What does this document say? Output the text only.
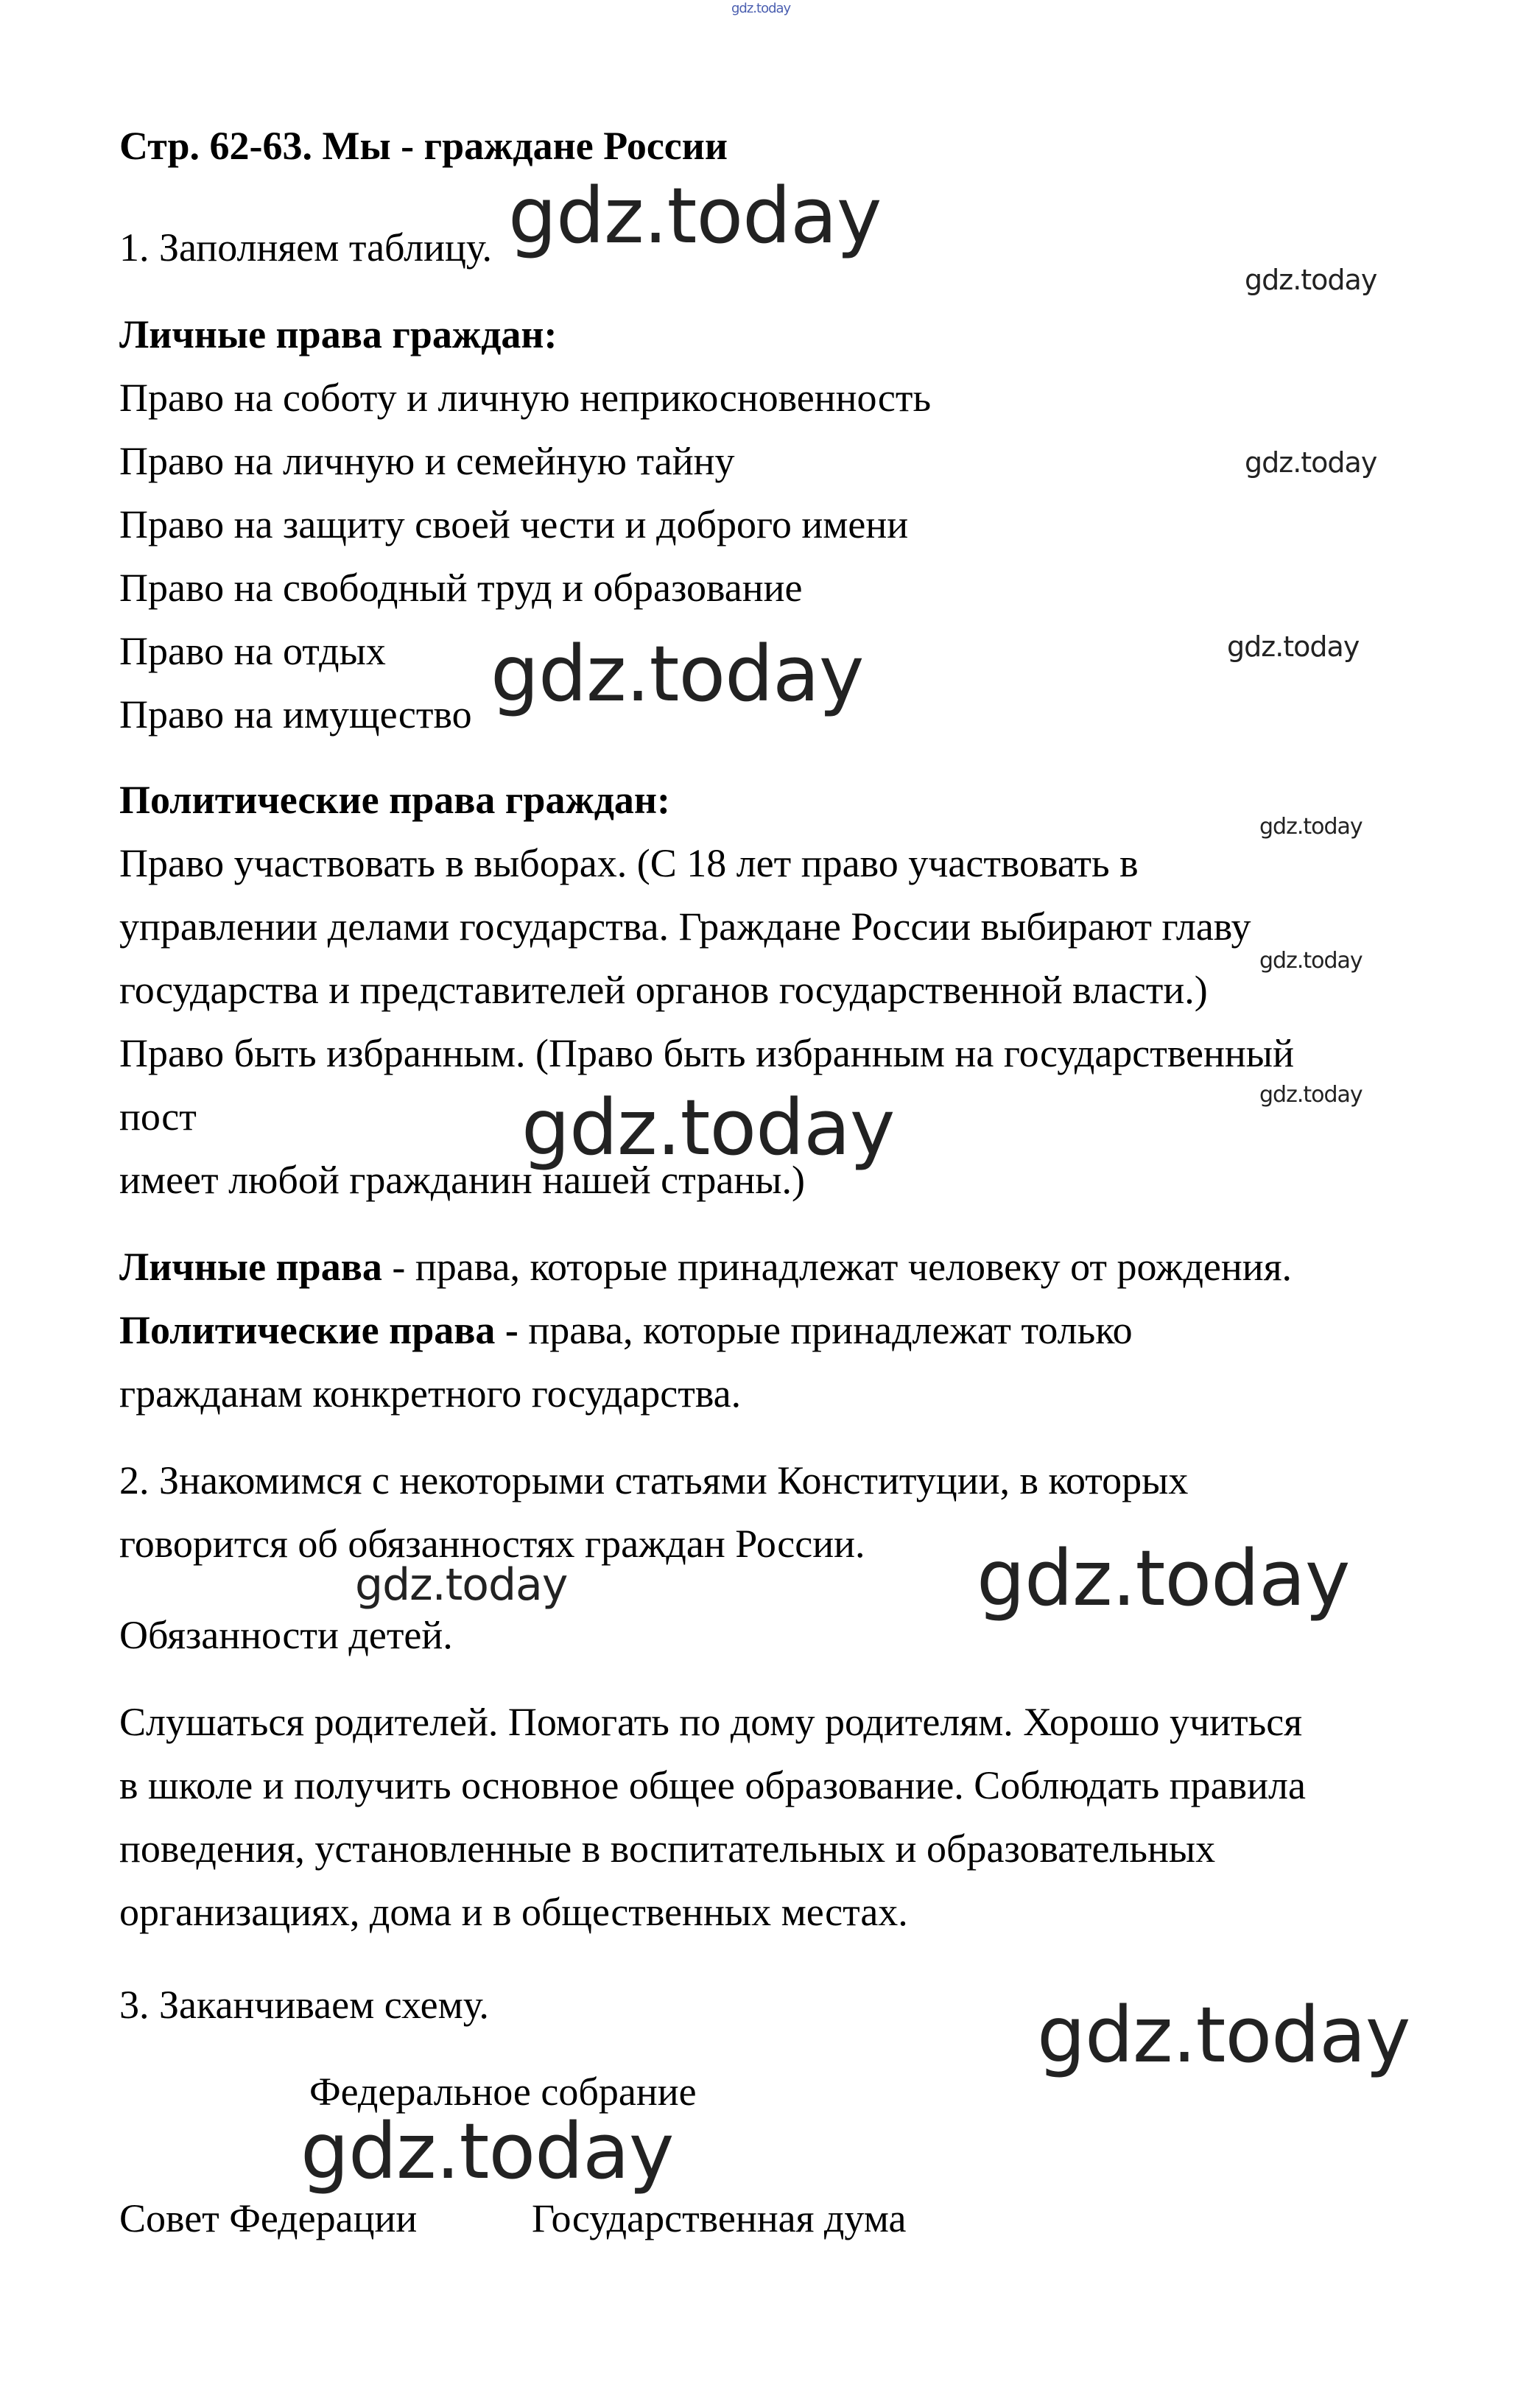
gdz.today

gdz.today

gdz.today

gdz.today

gdz.today

gdz.today

gdz.today

gdz.today

gdz.today

gdz.today

gdz.today	gdz.today

gdz.today

gdz.today

Стр. 62-63. Мы - граждане России

1. Заполняем таблицу.

Личные права граждан:

Право на соботу и личную неприкосновенность

Право на личную и семейную тайну

Право на защиту своей чести и доброго имени

Право на свободный труд и образование

Право на отдых

Право на имущество

Политические права граждан:

Право участвовать в выборах. (С 18 лет право участвовать в

управлении делами государства. Граждане России выбирают главу

государства и представителей органов государственной власти.)

Право быть избранным. (Право быть избранным на государственный

пост

имеет любой гражданин нашей страны.)

Личные права - права, которые принадлежат человеку от рождения.

Политические права - права, которые принадлежат только

гражданам конкретного государства.

2. Знакомимся с некоторыми статьями Конституции, в которых

говорится об обязанностях граждан России.

Обязанности детей.

Слушаться родителей. Помогать по дому родителям. Хорошо учиться

в школе и получить основное общее образование. Соблюдать правила

поведения, установленные в воспитательных и образовательных

организациях, дома и в общественных местах.

3. Заканчиваем схему.

Федеральное собрание

Совет Федерации	Государственная дума
